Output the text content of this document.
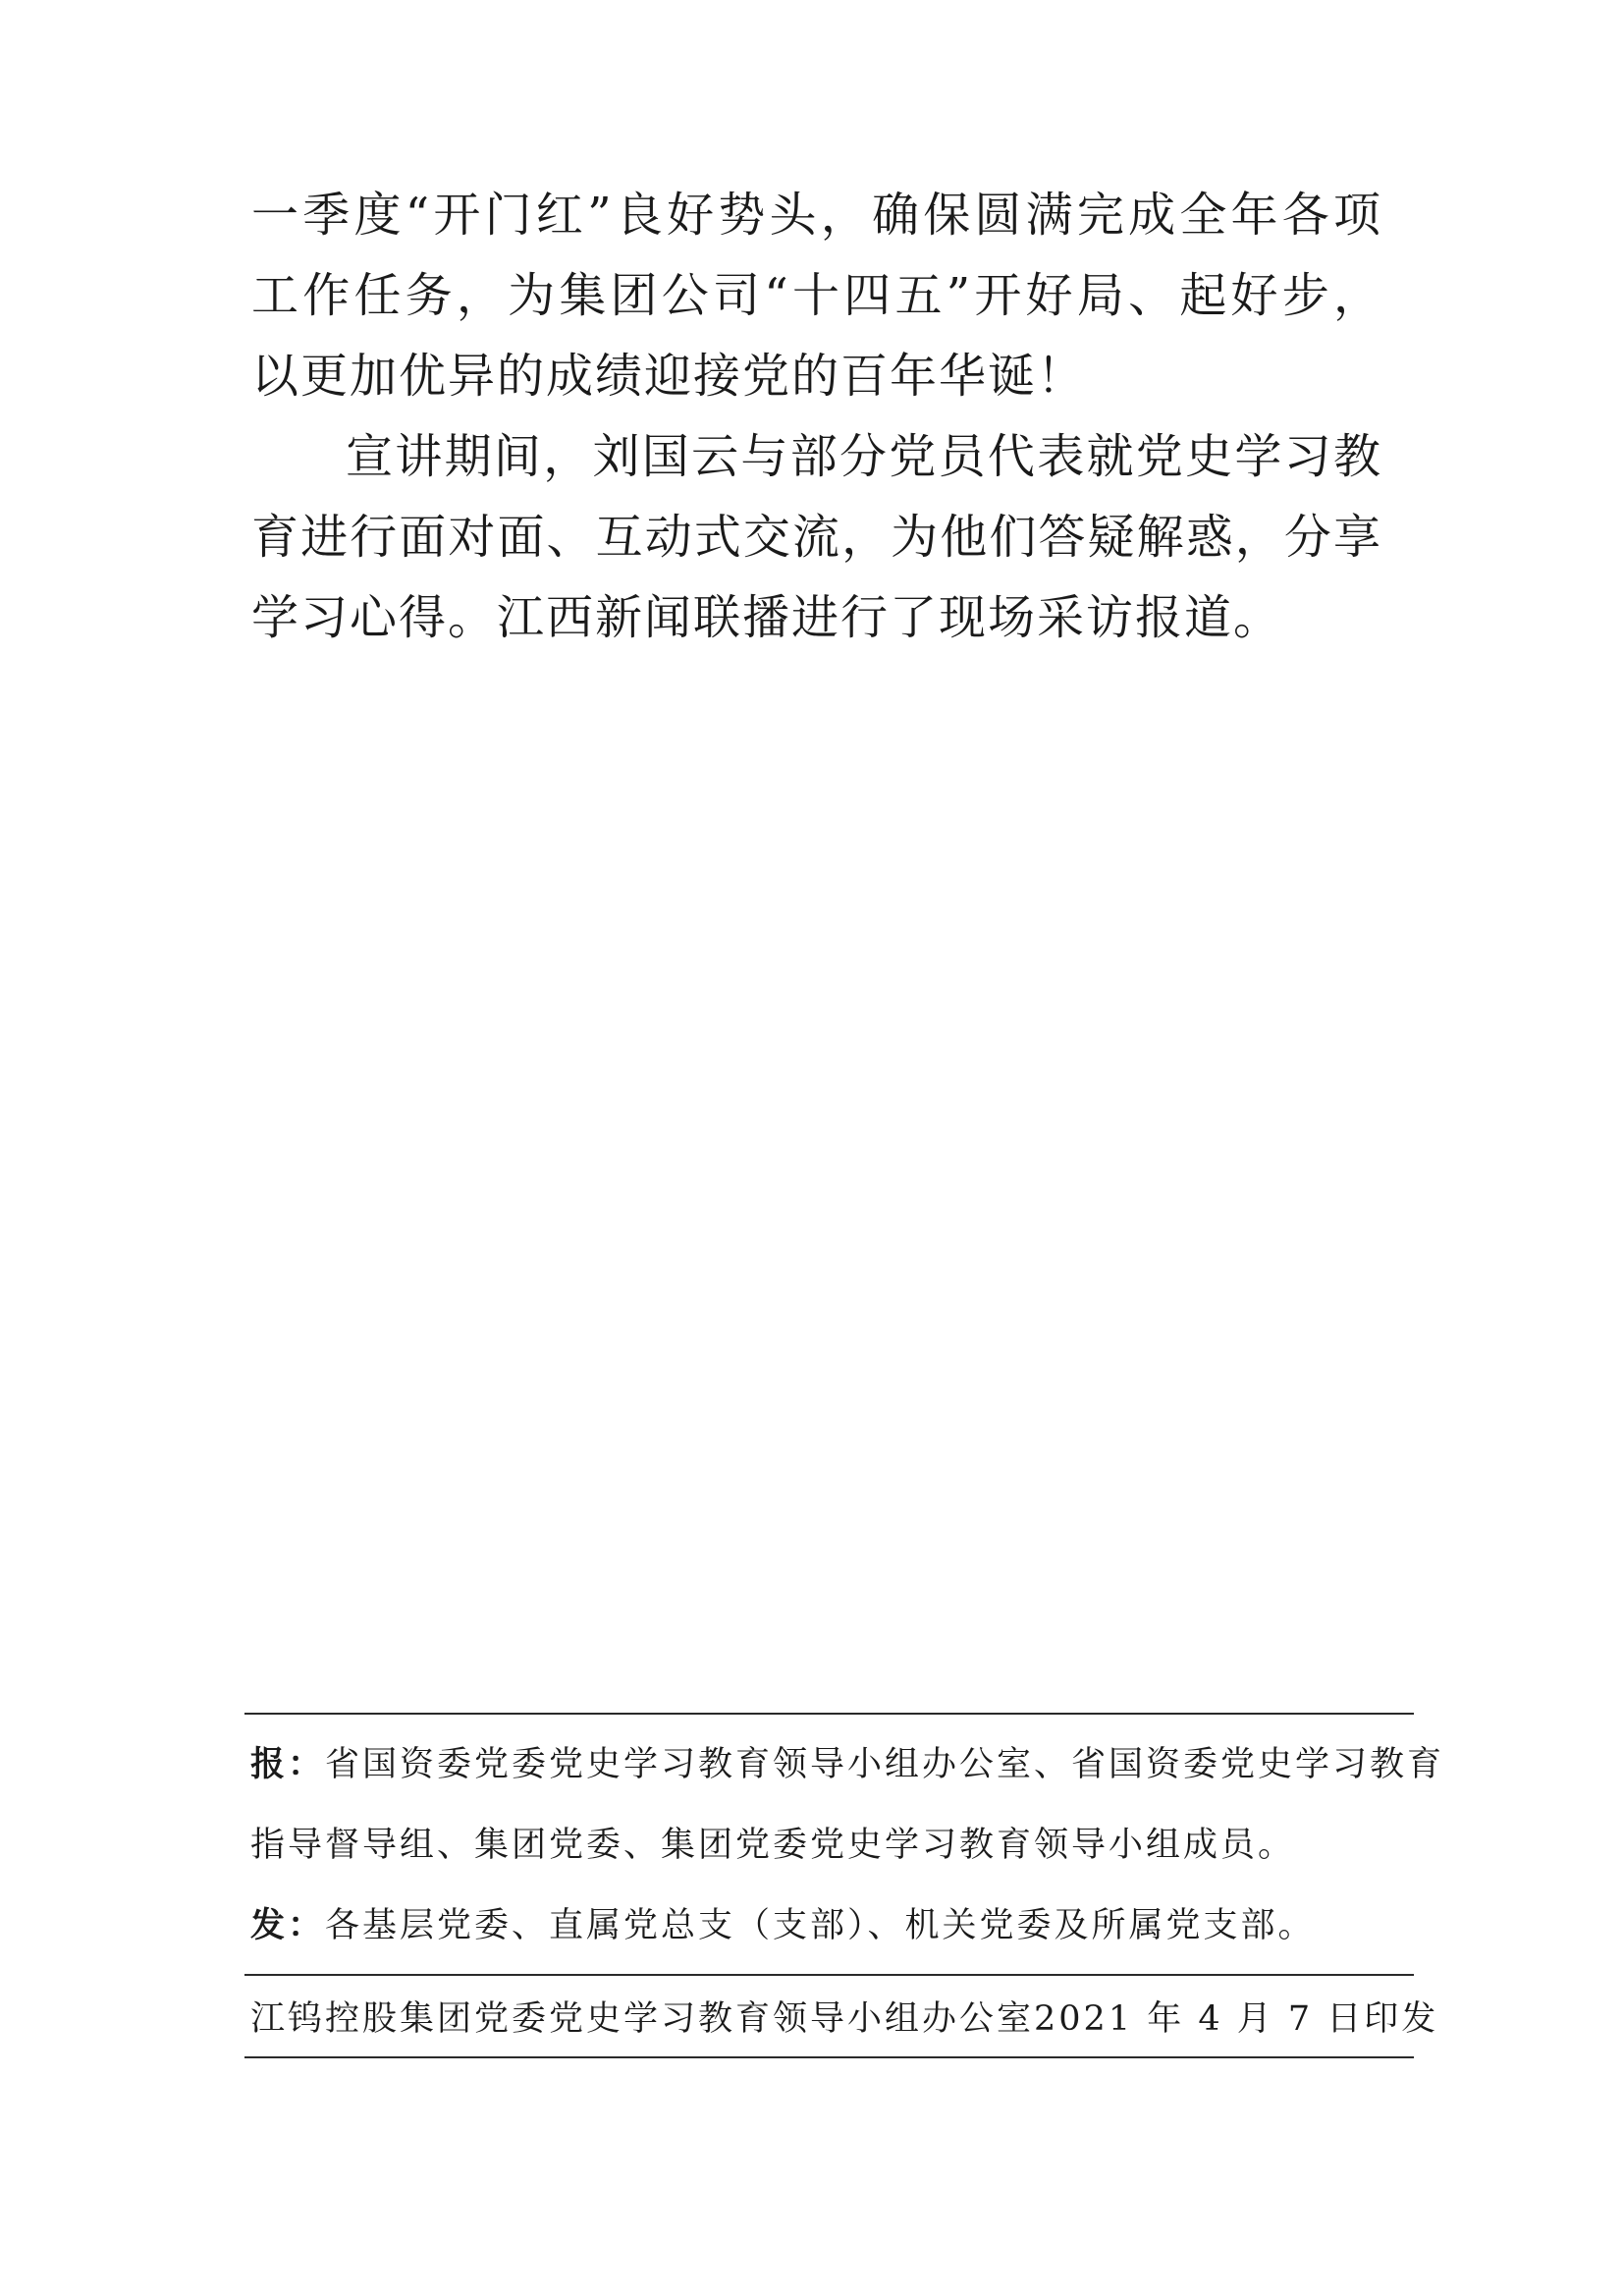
一季度“开门红”良好势头，确保圆满完成全年各项工作任务，为集团公司“十四五”开好局、起好步，以更加优异的成绩迎接党的百年华诞！

宣讲期间，刘国云与部分党员代表就党史学习教育进行面对面、互动式交流，为他们答疑解惑，分享学习心得。江西新闻联播进行了现场采访报道。

报：省国资委党委党史学习教育领导小组办公室、省国资委党史学习教育
指导督导组、集团党委、集团党委党史学习教育领导小组成员。
发：各基层党委、直属党总支（支部）、机关党委及所属党支部。
江钨控股集团党委党史学习教育领导小组办公室 2021 年 4 月 7 日印发
